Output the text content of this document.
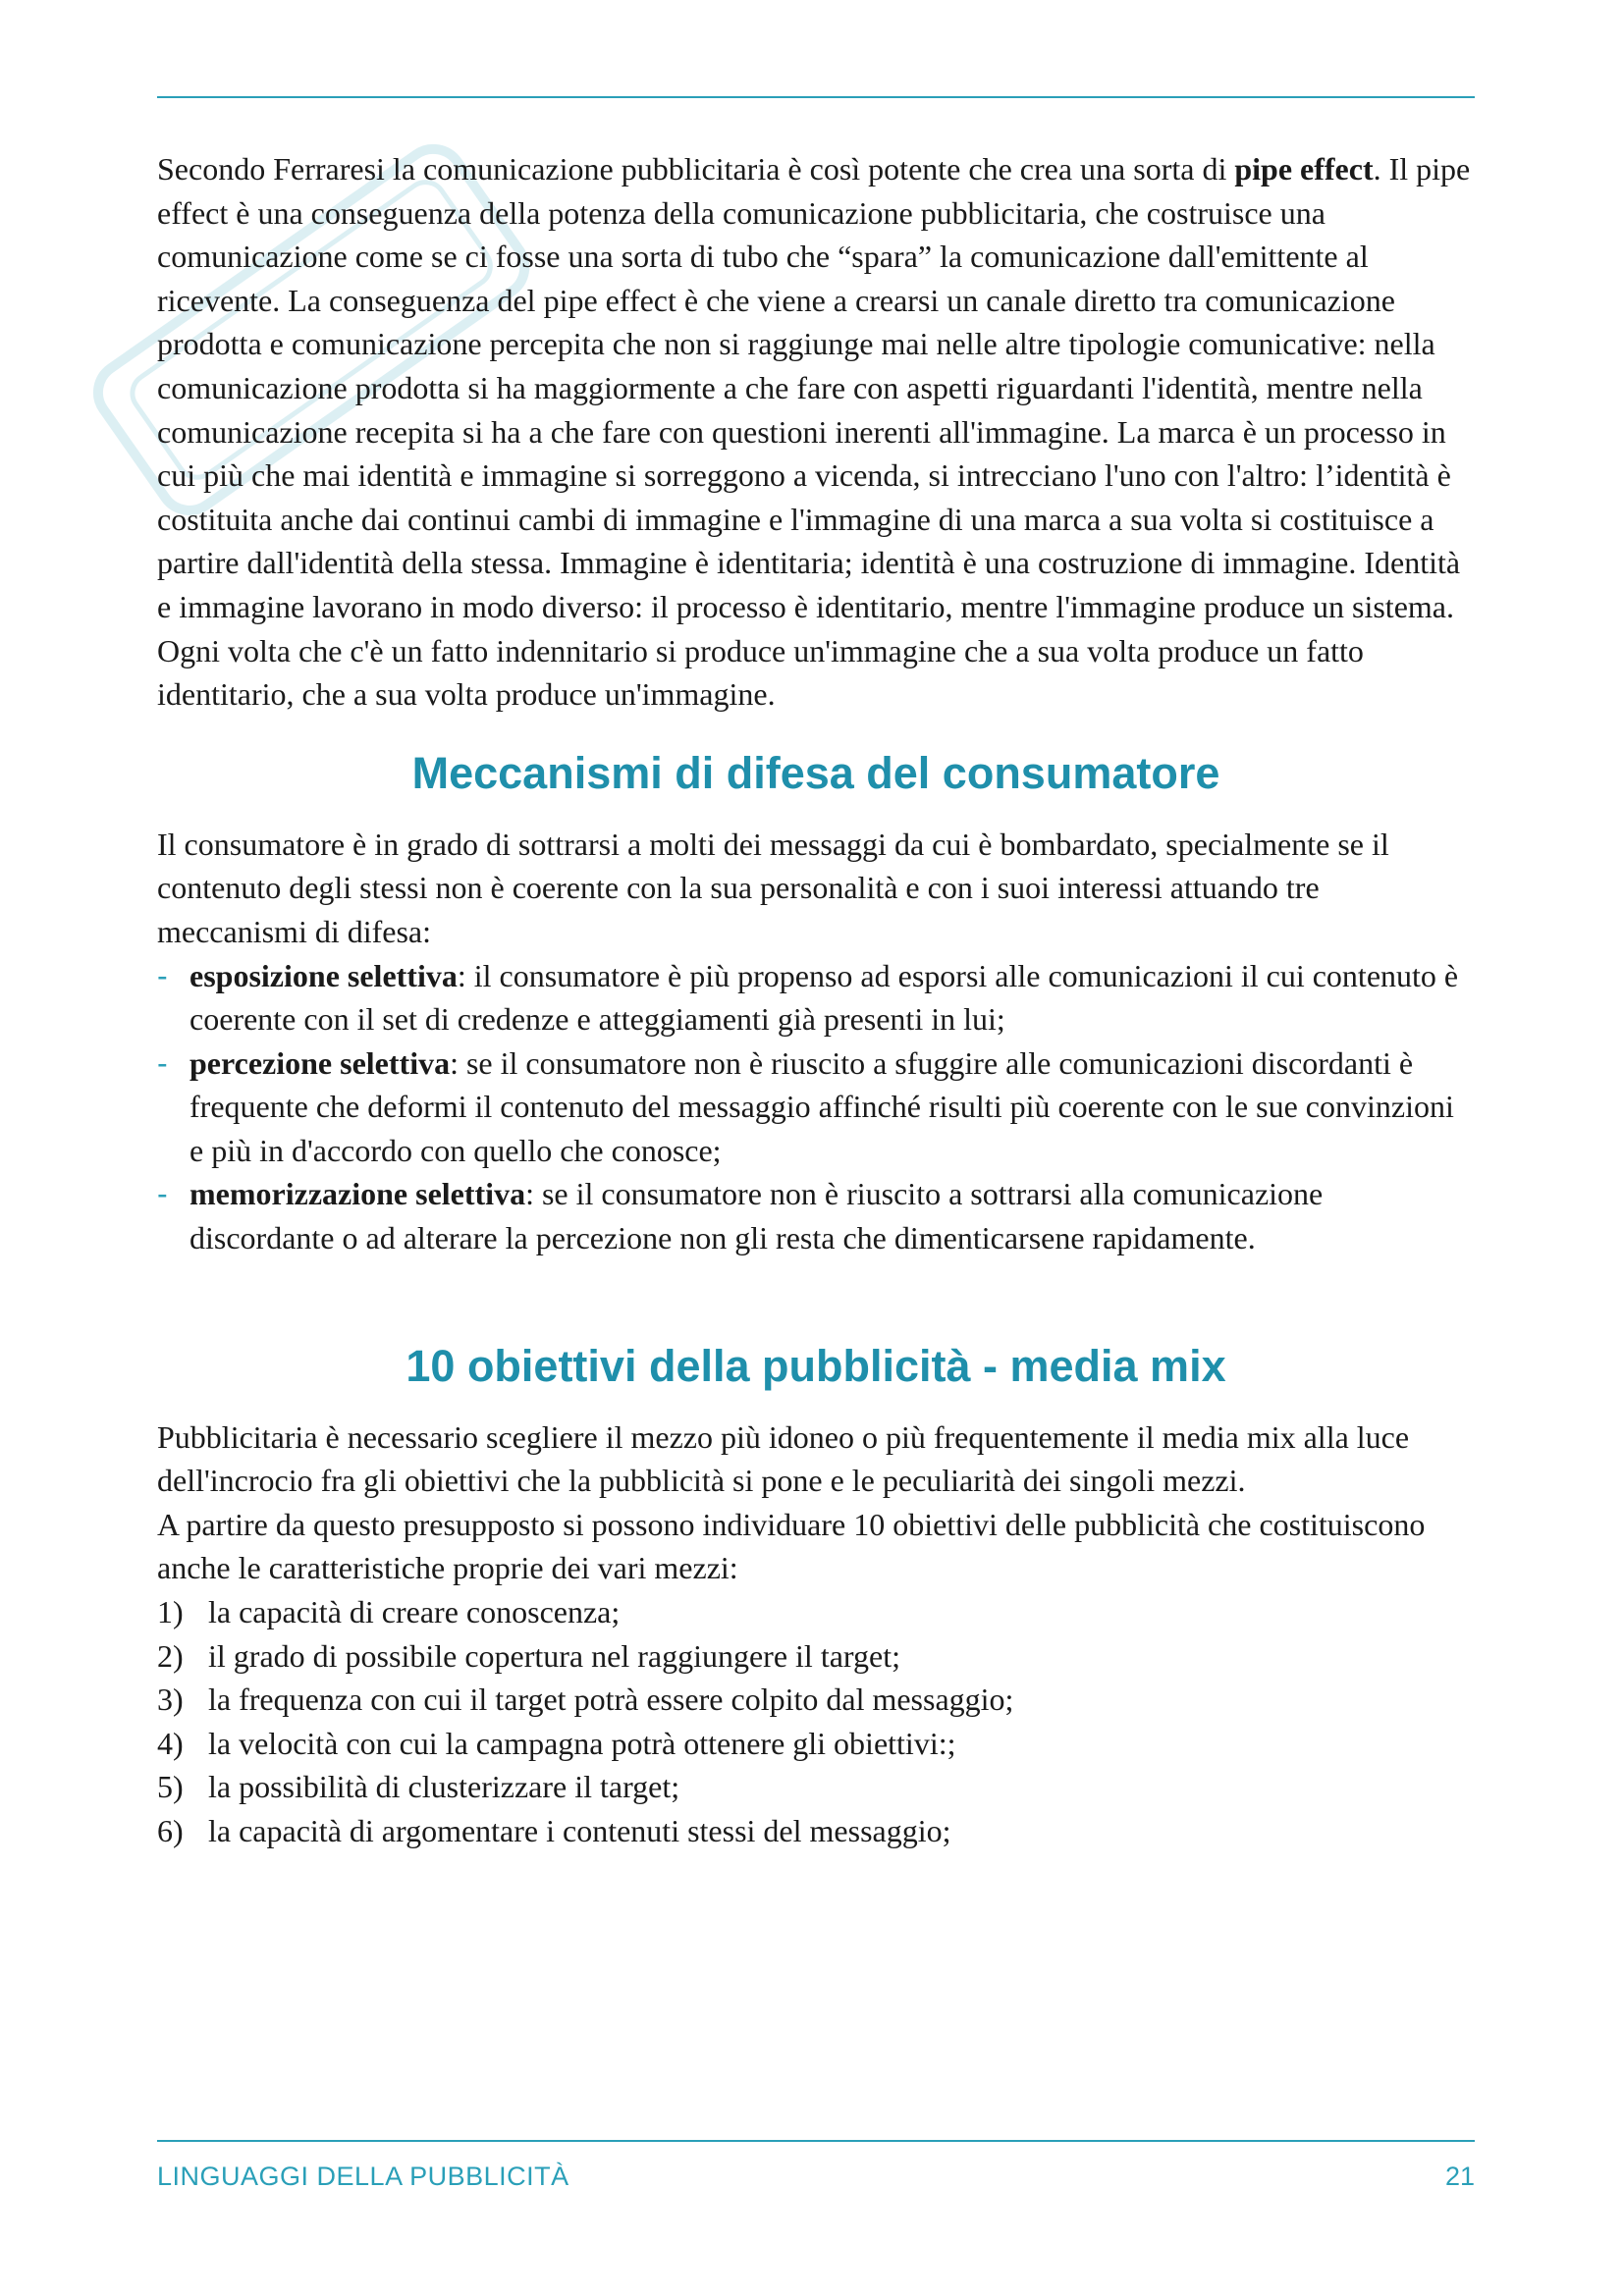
Secondo Ferraresi la comunicazione pubblicitaria è così potente che crea una sorta di pipe effect. Il pipe effect è una conseguenza della potenza della comunicazione pubblicitaria, che costruisce una comunicazione come se ci fosse una sorta di tubo che “spara” la comunicazione dall'emittente al ricevente. La conseguenza del pipe effect è che viene a crearsi un canale diretto tra comunicazione prodotta e comunicazione percepita che non si raggiunge mai nelle altre tipologie comunicative: nella comunicazione prodotta si ha maggiormente a che fare con aspetti riguardanti l'identità, mentre nella comunicazione recepita si ha a che fare con questioni inerenti all'immagine. La marca è un processo in cui più che mai identità e immagine si sorreggono a vicenda, si intrecciano l'uno con l'altro: l’identità è costituita anche dai continui cambi di immagine e l'immagine di una marca a sua volta si costituisce a partire dall'identità della stessa. Immagine è identitaria; identità è una costruzione di immagine. Identità e immagine lavorano in modo diverso: il processo è identitario, mentre l'immagine produce un sistema. Ogni volta che c'è un fatto indennitario si produce un'immagine che a sua volta produce un fatto identitario, che a sua volta produce un'immagine.

Meccanismi di difesa del consumatore

Il consumatore è in grado di sottrarsi a molti dei messaggi da cui è bombardato, specialmente se il contenuto degli stessi non è coerente con la sua personalità e con i suoi interessi attuando tre meccanismi di difesa:

- esposizione selettiva: il consumatore è più propenso ad esporsi alle comunicazioni il cui contenuto è coerente con il set di credenze e atteggiamenti già presenti in lui;
- percezione selettiva: se il consumatore non è riuscito a sfuggire alle comunicazioni discordanti è frequente che deformi il contenuto del messaggio affinché risulti più coerente con le sue convinzioni e più in d'accordo con quello che conosce;
- memorizzazione selettiva: se il consumatore non è riuscito a sottrarsi alla comunicazione discordante o ad alterare la percezione non gli resta che dimenticarsene rapidamente.
10 obiettivi della pubblicità - media mix

Pubblicitaria è necessario scegliere il mezzo più idoneo o più frequentemente il media mix alla luce dell'incrocio fra gli obiettivi che la pubblicità si pone e le peculiarità dei singoli mezzi.

A partire da questo presupposto si possono individuare 10 obiettivi delle pubblicità che costituiscono anche le caratteristiche proprie dei vari mezzi:

1) la capacità di creare conoscenza;
2) il grado di possibile copertura nel raggiungere il target;
3) la frequenza con cui il target potrà essere colpito dal messaggio;
4) la velocità con cui la campagna potrà ottenere gli obiettivi:;
5) la possibilità di clusterizzare il target;
6) la capacità di argomentare i contenuti stessi del messaggio;
LINGUAGGI DELLA PUBBLICITÀ	21
